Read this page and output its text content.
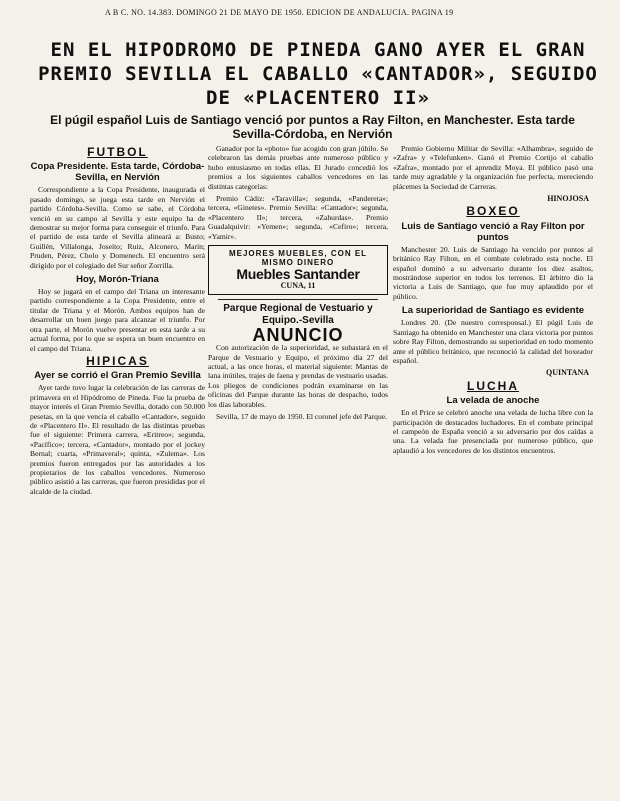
A B C. NO. 14.383. DOMINGO 21 DE MAYO DE 1950. EDICION DE ANDALUCIA. PAGINA 19
EN EL HIPODROMO DE PINEDA GANO AYER EL GRAN PREMIO SEVILLA EL CABALLO «CANTADOR», SEGUIDO DE «PLACENTERO II»
El púgil español Luis de Santiago venció por puntos a Ray Filton, en Manchester. Esta tarde Sevilla-Córdoba, en Nervión
FUTBOL
Copa Presidente. Esta tarde, Córdoba-Sevilla, en Nervión

Correspondiente a la Copa Presidente, inaugurada el pasado domingo, se juega esta tarde en Nervión el partido Córdoba-Sevilla. Como se sabe, el Córdoba venció en su campo al Sevilla y este equipo ha de demostrar su mejor forma para conseguir el triunfo. Para el partido de esta tarde el Sevilla alineará a: Busto; Guillén, Villalonga, Joseíto; Ruiz, Alconero, Marín; Pruden, Pérez, Cholo y Domenech. El encuentro será dirigido por el colegiado del Sur señor Zorrilla.

Hoy, Morón-Triana

Hoy se jugará en el campo del Triana un interesante partido correspondiente a la Copa Presidente, entre el titular de Triana y el Morón. Ambos equipos han de desarrollar un buen juego para alcanzar el triunfo. Por otra parte, el Morón vuelve presentar en esta tarde a su actual forma, por lo que se espera un buen encuentro en el campo del Triana.

HIPICAS
Ayer se corrió el Gran Premio Sevilla

Ayer tarde tuvo lugar la celebración de las carreras de primavera en el Hipódromo de Pineda. Fue la prueba de mayor interés el Gran Premio Sevilla, dotado con 50.000 pesetas, en la que vencía el caballo «Cantador», seguido de «Placentero II». El resultado de las distintas pruebas fue el siguiente: Primera carrera, «Eritreo»; segunda, «Pacífico»; tercera, «Cantador», montado por el jockey Bernal; cuarta, «Primaveral»; quinta, «Zulema». Los premios fueron entregados por las autoridades a los propietarios de los caballos vencedores. Numeroso público asistió a las carreras, que fueron presididas por el alcalde de la ciudad.

Ganador por la «photo» fue acogido con gran júbilo. Se celebraron las demás pruebas ante numeroso público y hubo entusiasmo en todas ellas. El Jurado concedió los premios a los siguientes caballos vencedores en las distintas categorías:

Premio Cádiz: «Taravilla»; segunda, «Pandereta»; tercera, «Ginetes». Premio Sevilla: «Cantador»; segunda, «Placentero II»; tercera, «Zahurdas». Premio Guadalquivir: «Yemen»; segunda, «Cefiro»; tercera, «Yamir».

MEJORES MUEBLES, CON EL MISMO DINERO
Muebles Santander
CUNA, 11
Parque Regional de Vestuario y Equipo.-Sevilla
ANUNCIO

Con autorización de la superioridad, se subastará en el Parque de Vestuario y Equipo, el próximo día 27 del actual, a las once horas, el material siguiente: Mantas de lana inútiles, trajes de faena y prendas de vestuario usadas. Los pliegos de condiciones podrán examinarse en las oficinas del Parque durante las horas de despacho, todos los días laborables.

Sevilla, 17 de mayo de 1950. El coronel jefe del Parque.

Premio Gobierno Militar de Sevilla: «Alhambra», seguido de «Zafra» y «Telefunken». Ganó el Premio Cortijo el caballo «Zafra», montado por el aprendiz Moya. El público pasó una tarde muy agradable y la organización fue perfecta, mereciendo plácemes la Sociedad de Carreras.

HINOJOSA
BOXEO
Luis de Santiago venció a Ray Filton por puntos

Manchester 20. Luis de Santiago ha vencido por puntos al británico Ray Filton, en el combate celebrado esta noche. El español dominó a su adversario durante los diez asaltos, mostrándose superior en todos los terrenos. El árbitro dio la victoria a Luis de Santiago, que fue muy aplaudido por el público.

La superioridad de Santiago es evidente

Londres 20. (De nuestro corresponsal.) El púgil Luis de Santiago ha obtenido en Manchester una clara victoria por puntos sobre Ray Filton, demostrando su superioridad en todo momento ante el público británico, que reconoció la calidad del boxeador español.

QUINTANA
LUCHA
La velada de anoche

En el Price se celebró anoche una velada de lucha libre con la participación de destacados luchadores. En el combate principal el campeón de España venció a su adversario por dos caídas a una. La velada fue presenciada por numeroso público, que aplaudió a los vencedores de los distintos encuentros.
